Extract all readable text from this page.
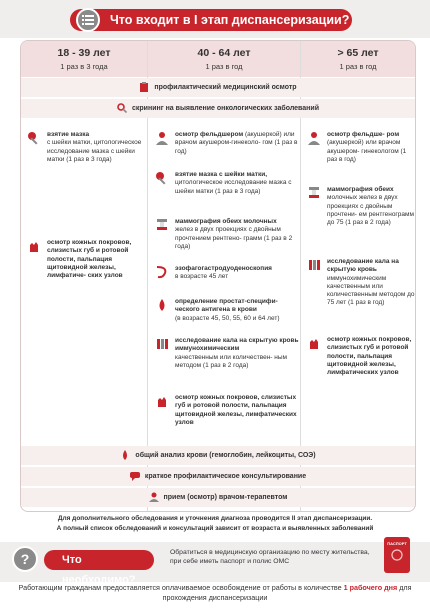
Что входит в I этап диспансеризации?
18 - 39 лет
1 раз в 3 года
40 - 64 лет
1 раз в год
> 65 лет
1 раз в год
профилактический медицинский осмотр
скрининг на выявление онкологических заболеваний
взятие мазка
с шейки матки, цитологическое исследование мазка с шейки матки (1 раз в 3 года)
осмотр кожных покровов, слизистых губ и ротовой полости, пальпация щитовидной железы, лимфатиче- ских узлов
осмотр фельдшером (акушеркой) или врачом акушером-гинеколо- гом (1 раз в год)
взятие мазка с шейки матки,
цитологическое исследование мазка с шейки матки (1 раз в 3 года)
маммография обеих молочных
желез в двух проекциях с двойным прочтением рентгено- грамм (1 раз в 2 года)
эзофагогастродуоденоскопия
в возрасте 45 лет
определение простат-специфи- ческого антигена в крови
(в возрасте 45, 50, 55, 60 и 64 лет)
исследование кала на скрытую кровь иммунохимическим
качественным или количествен- ным методом (1 раз в 2 года)
осмотр кожных покровов, слизистых губ и ротовой полости, пальпация щитовидной железы, лимфатических узлов
осмотр фельдше- ром (акушеркой) или врачом акушером- гинекологом (1 раз в год)
маммография обеих молочных желез в двух проекциях с двойным прочтени- ем рентгенограмм до 75 (1 раз в 2 года)
исследование кала на скрытую кровь иммунохимическим качественным или количественным методом до 75 лет (1 раз в год)
осмотр кожных покровов, слизистых губ и ротовой полости, пальпация щитовидной железы, лимфатических узлов
общий анализ крови (гемоглобин, лейкоциты, СОЭ)
краткое профилактическое консультирование
прием (осмотр) врачом-терапевтом
Для дополнительного обследования и уточнения диагноза проводится II этап диспансеризации.
А полный список обследований и консультаций зависит от возраста и выявленных заболеваний
Что необходимо?
?	Обратиться в медицинскую организацию по месту жительства, при себе иметь паспорт и полис ОМС
ПАСПОРТ
Работающим гражданам предоставляется оплачиваемое освобождение от работы в количестве 1 рабочего дня для прохождения диспансеризации
